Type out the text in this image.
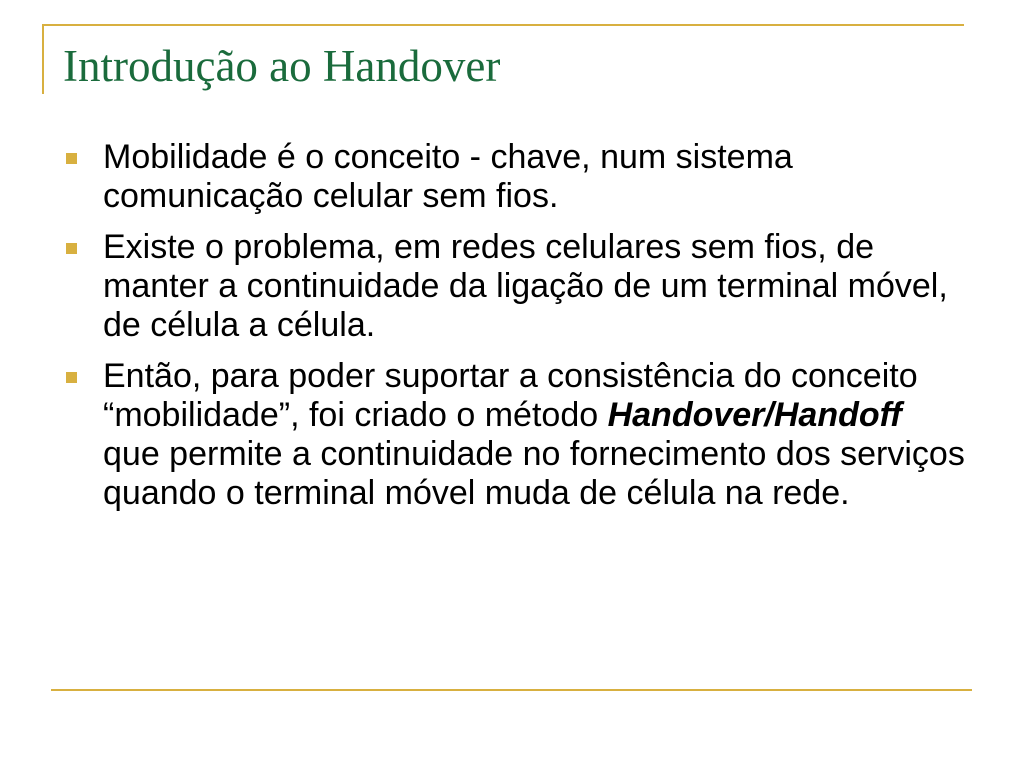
Introdução ao Handover
Mobilidade é o conceito - chave, num sistema comunicação celular sem fios.
Existe o problema, em redes celulares sem fios, de manter a continuidade da ligação de um terminal móvel, de célula a célula.
Então, para poder suportar a consistência do conceito “mobilidade”, foi criado o método Handover/Handoff que permite a continuidade no fornecimento dos serviços quando o terminal móvel muda de célula na rede.
